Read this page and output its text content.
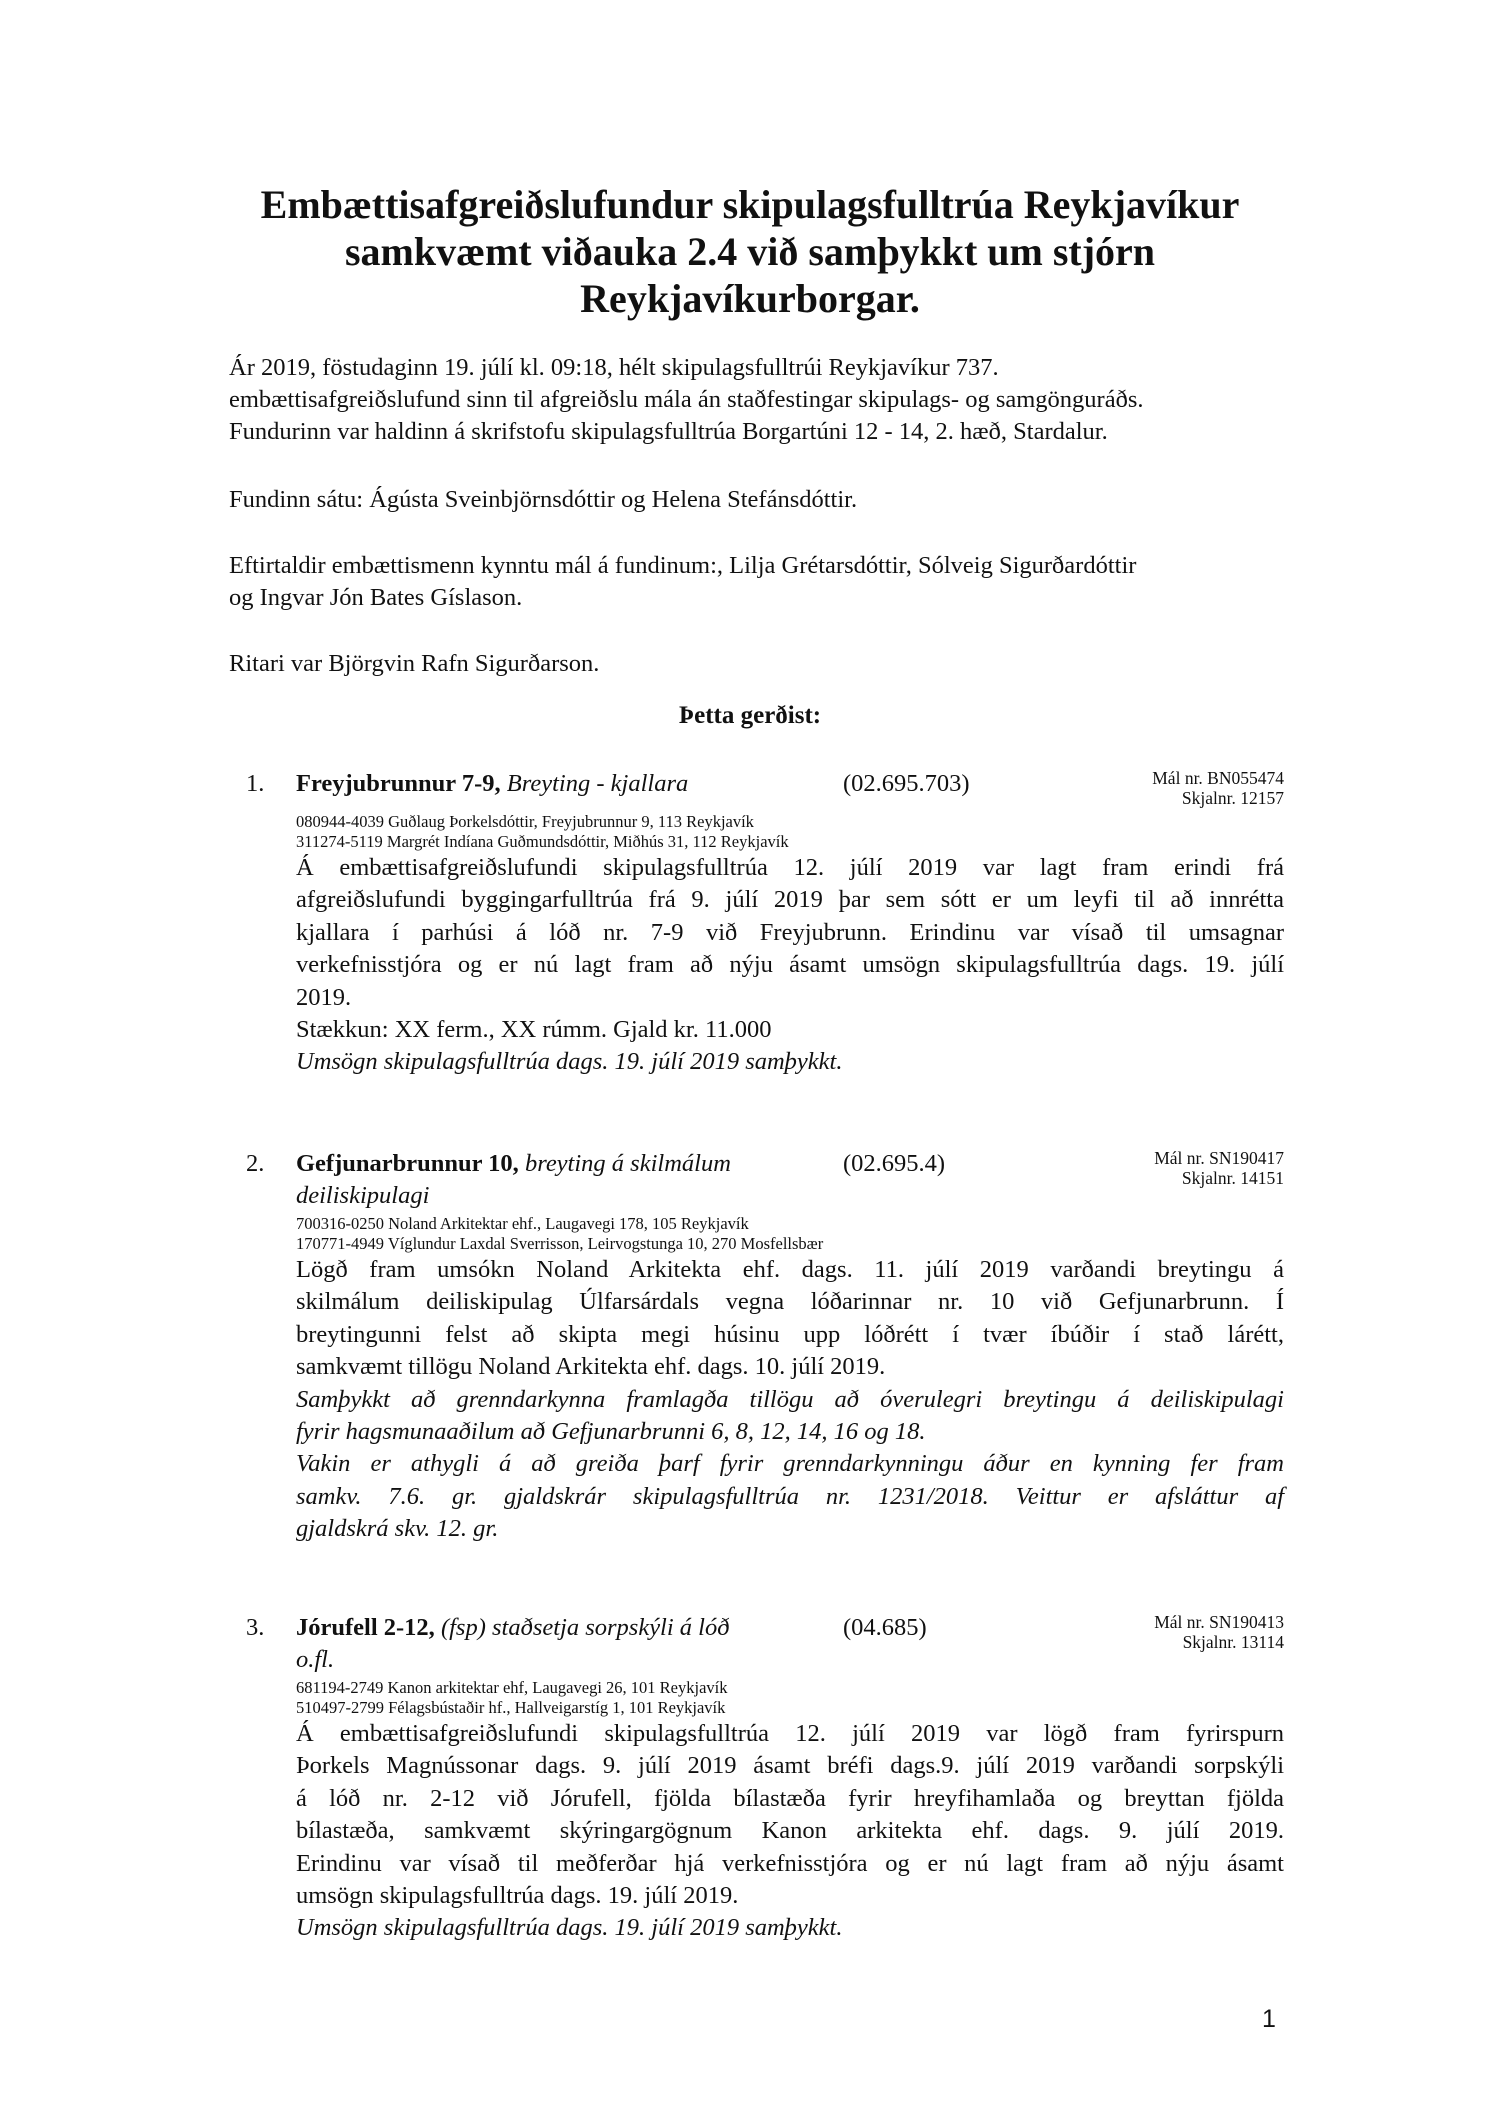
Embættisafgreiðslufundur skipulagsfulltrúa Reykjavíkur
samkvæmt viðauka 2.4 við samþykkt um stjórn
Reykjavíkurborgar.
Ár 2019, föstudaginn 19. júlí kl. 09:18, hélt skipulagsfulltrúi Reykjavíkur 737.
embættisafgreiðslufund sinn til afgreiðslu mála án staðfestingar skipulags- og samgönguráðs.
Fundurinn var haldinn á skrifstofu skipulagsfulltrúa Borgartúni 12 - 14, 2. hæð, Stardalur.
Fundinn sátu: Ágústa Sveinbjörnsdóttir og Helena Stefánsdóttir.
Eftirtaldir embættismenn kynntu mál á fundinum:, Lilja Grétarsdóttir, Sólveig Sigurðardóttir
og Ingvar Jón Bates Gíslason.
Ritari var Björgvin Rafn Sigurðarson.
Þetta gerðist:
1. Freyjubrunnur 7-9, Breyting - kjallara	(02.695.703)	Mál nr. BN055474
Skjalnr. 12157
080944-4039 Guðlaug Þorkelsdóttir, Freyjubrunnur 9, 113 Reykjavík
311274-5119 Margrét Indíana Guðmundsdóttir, Miðhús 31, 112 Reykjavík
Á embættisafgreiðslufundi skipulagsfulltrúa 12. júlí 2019 var lagt fram erindi frá
afgreiðslufundi byggingarfulltrúa frá 9. júlí 2019 þar sem sótt er um leyfi til að innrétta
kjallara í parhúsi á lóð nr. 7-9 við Freyjubrunn. Erindinu var vísað til umsagnar
verkefnisstjóra og er nú lagt fram að nýju ásamt umsögn skipulagsfulltrúa dags. 19. júlí
2019.
Stækkun: XX ferm., XX rúmm. Gjald kr. 11.000
Umsögn skipulagsfulltrúa dags. 19. júlí 2019 samþykkt.
2. Gefjunarbrunnur 10, breyting á skilmálum
deiliskipulagi
(02.695.4)	Mál nr. SN190417
Skjalnr. 14151
700316-0250 Noland Arkitektar ehf., Laugavegi 178, 105 Reykjavík
170771-4949 Víglundur Laxdal Sverrisson, Leirvogstunga 10, 270 Mosfellsbær
Lögð fram umsókn Noland Arkitekta ehf. dags. 11. júlí 2019 varðandi breytingu á
skilmálum deiliskipulag Úlfarsárdals vegna lóðarinnar nr. 10 við Gefjunarbrunn. Í
breytingunni felst að skipta megi húsinu upp lóðrétt í tvær íbúðir í stað lárétt,
samkvæmt tillögu Noland Arkitekta ehf. dags. 10. júlí 2019.
Samþykkt að grenndarkynna framlagða tillögu að óverulegri breytingu á deiliskipulagi
fyrir hagsmunaaðilum að Gefjunarbrunni 6, 8, 12, 14, 16 og 18.
Vakin er athygli á að greiða þarf fyrir grenndarkynningu áður en kynning fer fram
samkv. 7.6. gr. gjaldskrár skipulagsfulltrúa nr. 1231/2018. Veittur er afsláttur af
gjaldskrá skv. 12. gr.
3. Jórufell 2-12, (fsp) staðsetja sorpskýli á lóð
o.fl.
(04.685)	Mál nr. SN190413
Skjalnr. 13114
681194-2749 Kanon arkitektar ehf, Laugavegi 26, 101 Reykjavík
510497-2799 Félagsbústaðir hf., Hallveigarstíg 1, 101 Reykjavík
Á embættisafgreiðslufundi skipulagsfulltrúa 12. júlí 2019 var lögð fram fyrirspurn
Þorkels Magnússonar dags. 9. júlí 2019 ásamt bréfi dags.9. júlí 2019 varðandi sorpskýli
á lóð nr. 2-12 við Jórufell, fjölda bílastæða fyrir hreyfihamlaða og breyttan fjölda
bílastæða, samkvæmt skýringargögnum Kanon arkitekta ehf. dags. 9. júlí 2019.
Erindinu var vísað til meðferðar hjá verkefnisstjóra og er nú lagt fram að nýju ásamt
umsögn skipulagsfulltrúa dags. 19. júlí 2019.
Umsögn skipulagsfulltrúa dags. 19. júlí 2019 samþykkt.
1
